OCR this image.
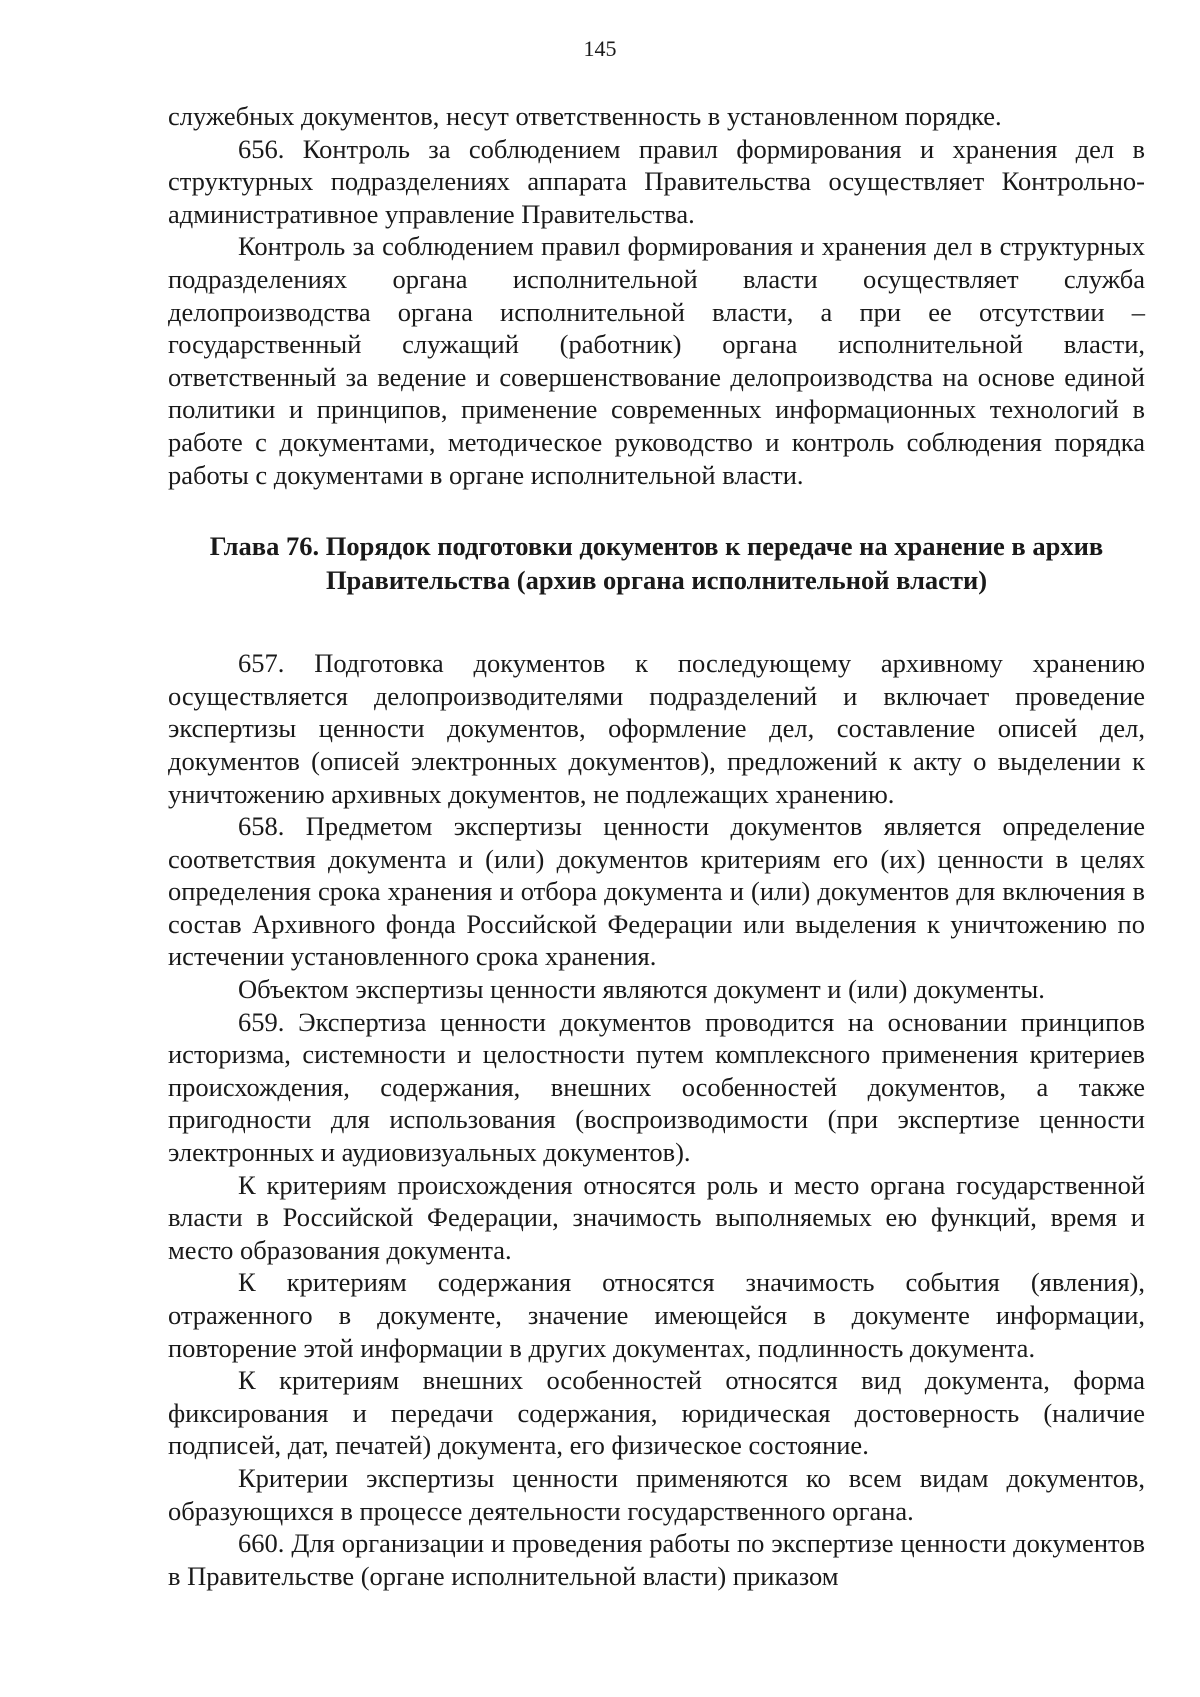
145

служебных документов, несут ответственность в установленном порядке.

656. Контроль за соблюдением правил формирования и хранения дел в структурных подразделениях аппарата Правительства осуществляет Контрольно-административное управление Правительства.

Контроль за соблюдением правил формирования и хранения дел в структурных подразделениях органа исполнительной власти осуществляет служба делопроизводства органа исполнительной власти, а при ее отсутствии – государственный служащий (работник) органа исполнительной власти, ответственный за ведение и совершенствование делопроизводства на основе единой политики и принципов, применение современных информационных технологий в работе с документами, методическое руководство и контроль соблюдения порядка работы с документами в органе исполнительной власти.

Глава 76. Порядок подготовки документов к передаче на хранение в архив Правительства (архив органа исполнительной власти)

657. Подготовка документов к последующему архивному хранению осуществляется делопроизводителями подразделений и включает проведение экспертизы ценности документов, оформление дел, составление описей дел, документов (описей электронных документов), предложений к акту о выделении к уничтожению архивных документов, не подлежащих хранению.

658. Предметом экспертизы ценности документов является определение соответствия документа и (или) документов критериям его (их) ценности в целях определения срока хранения и отбора документа и (или) документов для включения в состав Архивного фонда Российской Федерации или выделения к уничтожению по истечении установленного срока хранения.

Объектом экспертизы ценности являются документ и (или) документы.

659. Экспертиза ценности документов проводится на основании принципов историзма, системности и целостности путем комплексного применения критериев происхождения, содержания, внешних особенностей документов, а также пригодности для использования (воспроизводимости (при экспертизе ценности электронных и аудиовизуальных документов).

К критериям происхождения относятся роль и место органа государственной власти в Российской Федерации, значимость выполняемых ею функций, время и место образования документа.

К критериям содержания относятся значимость события (явления), отраженного в документе, значение имеющейся в документе информации, повторение этой информации в других документах, подлинность документа.

К критериям внешних особенностей относятся вид документа, форма фиксирования и передачи содержания, юридическая достоверность (наличие подписей, дат, печатей) документа, его физическое состояние.

Критерии экспертизы ценности применяются ко всем видам документов, образующихся в процессе деятельности государственного органа.

660. Для организации и проведения работы по экспертизе ценности документов в Правительстве (органе исполнительной власти) приказом
